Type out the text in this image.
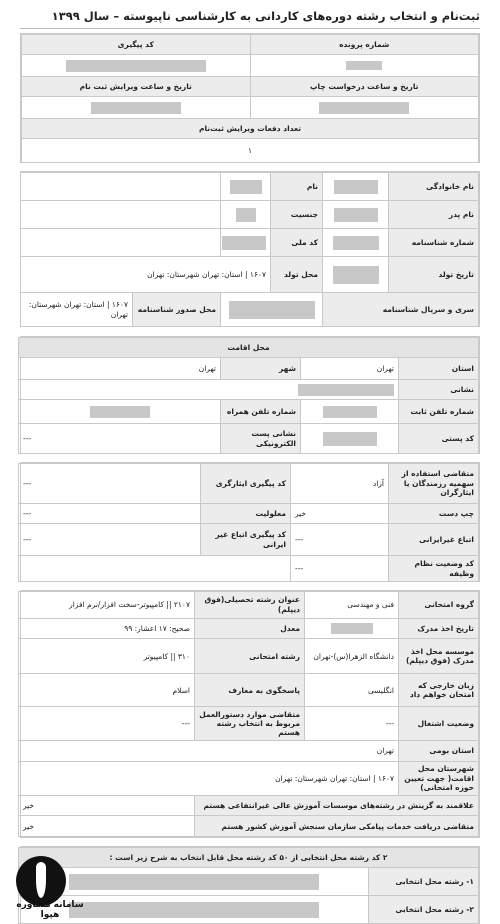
ثبت‌نام و انتخاب رشته دوره‌های کاردانی به کارشناسی ناپیوسته – سال ۱۳۹۹
شماره پرونده	کد پیگیری

تاریخ و ساعت درخواست چاپ	تاریخ و ساعت ویرایش ثبت نام

تعداد دفعات ویرایش ثبت‌نام	
۱	
نام خانوادگی		نام			
نام پدر		جنسیت			
شماره شناسنامه		کد ملی			
تاریخ تولد		محل تولد	۱۶۰۷ | استان: تهران شهرستان: تهران		
سری و سریال شناسنامه				محل صدور شناسنامه	۱۶۰۷ | استان: تهران شهرستان: تهران
محل اقامت			
استان	تهران	شهر	تهران
نشانی			
شماره تلفن ثابت		شماره تلفن همراه	
کد پستی		نشانی پست الکترونیکی	---
متقاضی استفاده از سهمیه رزمندگان یا ایثارگران	آزاد	کد پیگیری ایثارگری	---
چپ دست	خیر	معلولیت	---
اتباع غیرایرانی	---	کد پیگیری اتباع غیر ایرانی	---
کد وضعیت نظام وظیفه	---		
گروه امتحانی	فنی و مهندسی	عنوان رشته تحصیلی(فوق دیپلم)	۲۱۰۷ || کامپیوتر-سخت افزار/نرم افزار
تاریخ اخذ مدرک		معدل	صحیح: ۱۷ اعشار: ۹۹
موسسه محل اخذ مدرک (فوق دیپلم)	دانشگاه الزهرا(س)-تهران	رشته امتحانی	۳۱۰ || کامپیوتر
زبان خارجی که امتحان خواهم داد	انگلیسی	پاسخگوی به معارف	اسلام
وضعیت اشتغال	---	متقاضی موارد دستورالعمل مربوط به انتخاب رشته هستم	---
استان بومی	تهران		
شهرستان محل اقامت( جهت تعیین حوزه امتحانی)	۱۶۰۷ | استان: تهران شهرستان: تهران		
علاقمند به گزینش در رشته‌های موسسات آموزش عالی غیرانتفاعی هستم			خیر
متقاضی دریافت خدمات پیامکی سازمان سنجش آموزش کشور هستم			خیر
۲ کد رشته محل انتخابی از ۵۰ کد رشته محل قابل انتخاب به شرح زیر است :	
۱- رشته محل انتخابی	
۲- رشته محل انتخابی	
سامانه مشاوره هپوا
